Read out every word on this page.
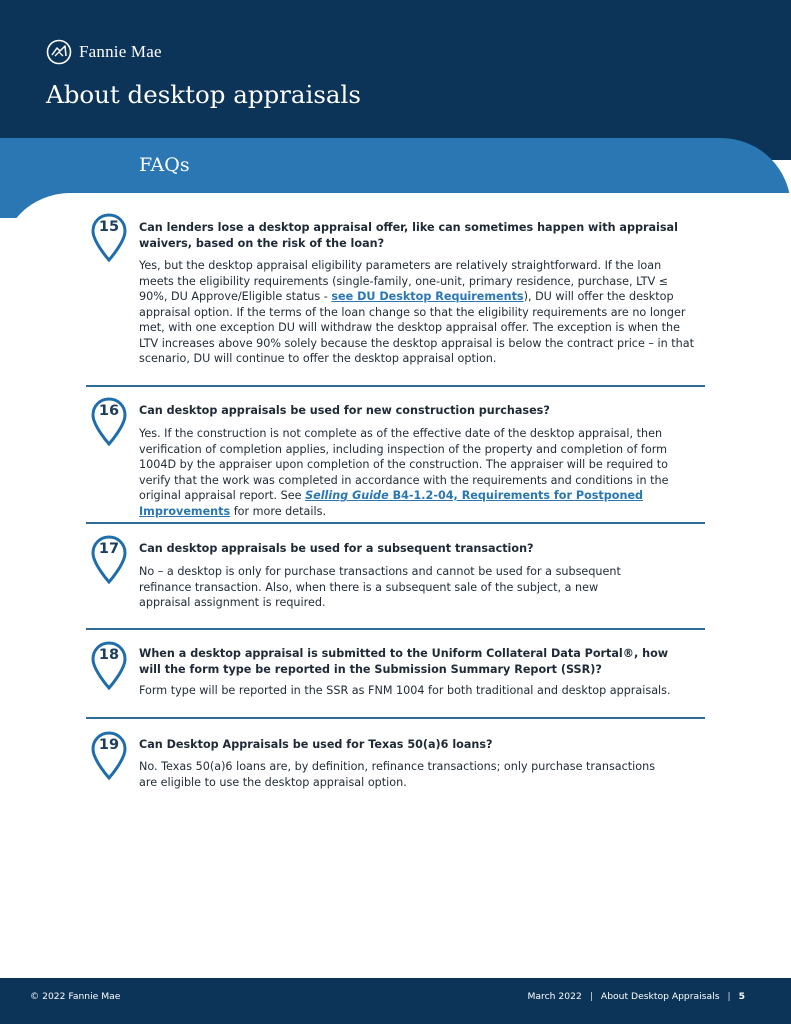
Fannie Mae
About desktop appraisals
FAQs
15	Can lenders lose a desktop appraisal offer, like can sometimes happen with appraisal waivers, based on the risk of the loan?

Yes, but the desktop appraisal eligibility parameters are relatively straightforward. If the loan meets the eligibility requirements (single-family, one-unit, primary residence, purchase, LTV ≤ 90%, DU Approve/Eligible status - see DU Desktop Requirements), DU will offer the desktop appraisal option. If the terms of the loan change so that the eligibility requirements are no longer met, with one exception DU will withdraw the desktop appraisal offer. The exception is when the LTV increases above 90% solely because the desktop appraisal is below the contract price – in that scenario, DU will continue to offer the desktop appraisal option.

16	Can desktop appraisals be used for new construction purchases?

Yes. If the construction is not complete as of the effective date of the desktop appraisal, then verification of completion applies, including inspection of the property and completion of form 1004D by the appraiser upon completion of the construction. The appraiser will be required to verify that the work was completed in accordance with the requirements and conditions in the original appraisal report. See Selling Guide B4-1.2-04, Requirements for Postponed Improvements for more details.

17	Can desktop appraisals be used for a subsequent transaction?

No – a desktop is only for purchase transactions and cannot be used for a subsequent refinance transaction. Also, when there is a subsequent sale of the subject, a new appraisal assignment is required.

18	When a desktop appraisal is submitted to the Uniform Collateral Data Portal®, how will the form type be reported in the Submission Summary Report (SSR)?

Form type will be reported in the SSR as FNM 1004 for both traditional and desktop appraisals.

19	Can Desktop Appraisals be used for Texas 50(a)6 loans?

No. Texas 50(a)6 loans are, by definition, refinance transactions; only purchase transactions are eligible to use the desktop appraisal option.

© 2022 Fannie Mae	March 2022 | About Desktop Appraisals | 5
